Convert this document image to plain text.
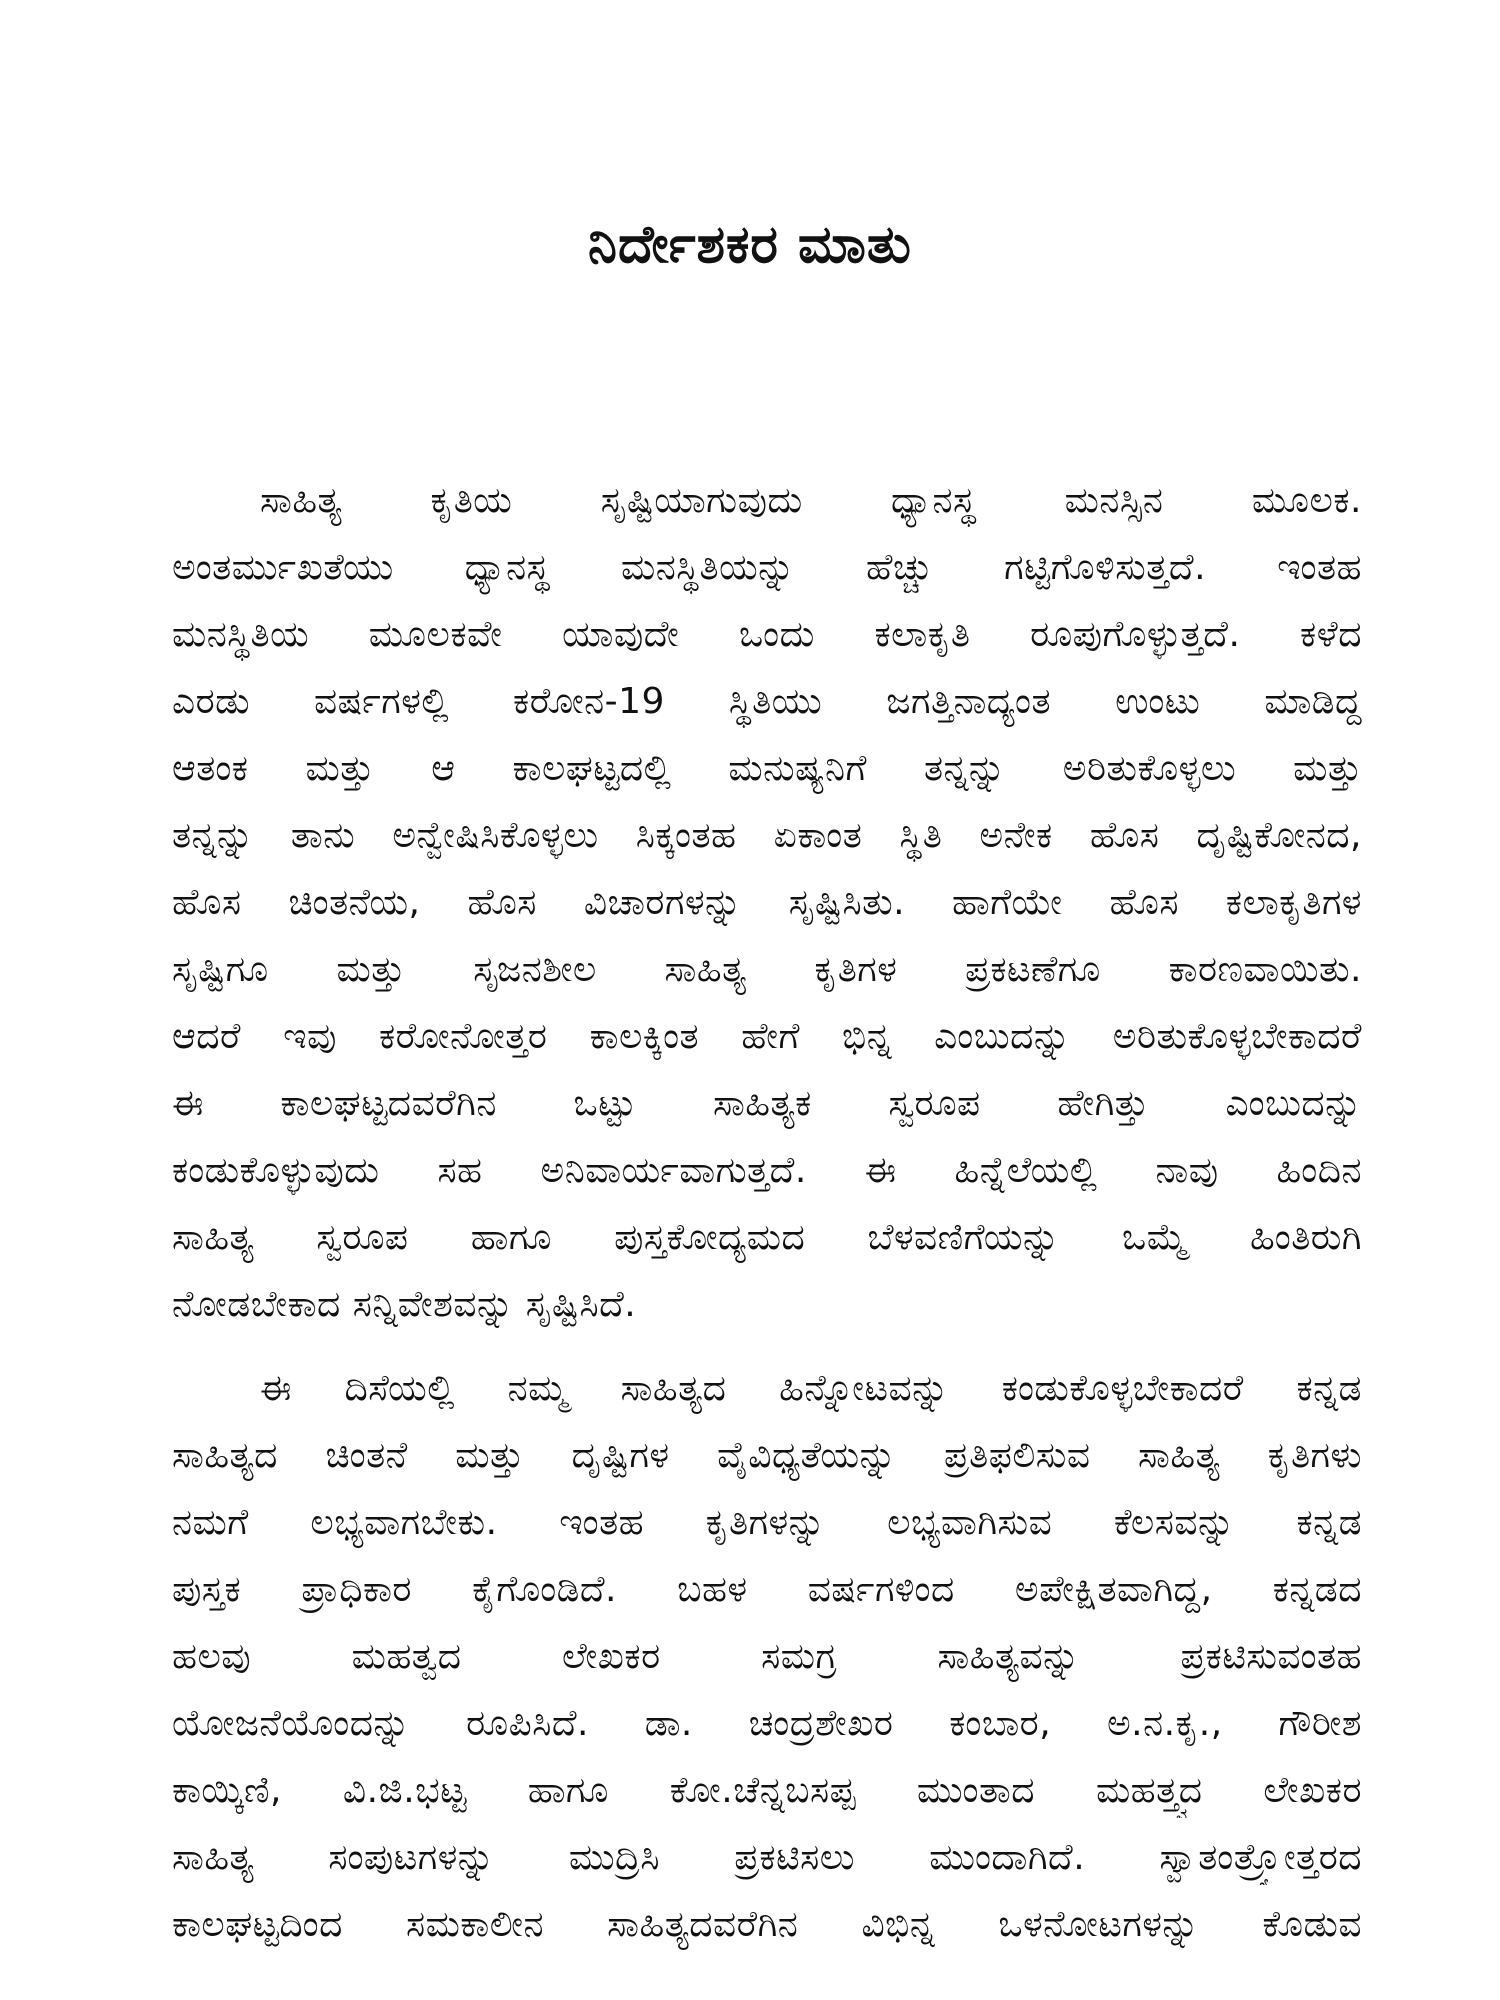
ನಿರ್ದೇಶಕರ ಮಾತು
ಸಾಹಿತ್ಯ ಕೃತಿಯ ಸೃಷ್ಟಿಯಾಗುವುದು ಧ್ಯಾನಸ್ಥ ಮನಸ್ಸಿನ ಮೂಲಕ.
ಅಂತರ್ಮುಖತೆಯು ಧ್ಯಾನಸ್ಥ ಮನಸ್ಥಿತಿಯನ್ನು ಹೆಚ್ಚು ಗಟ್ಟಿಗೊಳಿಸುತ್ತದೆ. ಇಂತಹ
ಮನಸ್ಥಿತಿಯ ಮೂಲಕವೇ ಯಾವುದೇ ಒಂದು ಕಲಾಕೃತಿ ರೂಪುಗೊಳ್ಳುತ್ತದೆ. ಕಳೆದ
ಎರಡು ವರ್ಷಗಳಲ್ಲಿ ಕರೋನ-19 ಸ್ಥಿತಿಯು ಜಗತ್ತಿನಾದ್ಯಂತ ಉಂಟು ಮಾಡಿದ್ದ
ಆತಂಕ ಮತ್ತು ಆ ಕಾಲಘಟ್ಟದಲ್ಲಿ ಮನುಷ್ಯನಿಗೆ ತನ್ನನ್ನು ಅರಿತುಕೊಳ್ಳಲು ಮತ್ತು
ತನ್ನನ್ನು ತಾನು ಅನ್ವೇಷಿಸಿಕೊಳ್ಳಲು ಸಿಕ್ಕಂತಹ ಏಕಾಂತ ಸ್ಥಿತಿ ಅನೇಕ ಹೊಸ ದೃಷ್ಟಿಕೋನದ,
ಹೊಸ ಚಿಂತನೆಯ, ಹೊಸ ವಿಚಾರಗಳನ್ನು ಸೃಷ್ಟಿಸಿತು. ಹಾಗೆಯೇ ಹೊಸ ಕಲಾಕೃತಿಗಳ
ಸೃಷ್ಟಿಗೂ ಮತ್ತು ಸೃಜನಶೀಲ ಸಾಹಿತ್ಯ ಕೃತಿಗಳ ಪ್ರಕಟಣೆಗೂ ಕಾರಣವಾಯಿತು.
ಆದರೆ ಇವು ಕರೋನೋತ್ತರ ಕಾಲಕ್ಕಿಂತ ಹೇಗೆ ಭಿನ್ನ ಎಂಬುದನ್ನು ಅರಿತುಕೊಳ್ಳಬೇಕಾದರೆ
ಈ ಕಾಲಘಟ್ಟದವರೆಗಿನ ಒಟ್ಟು ಸಾಹಿತ್ಯಕ ಸ್ವರೂಪ ಹೇಗಿತ್ತು ಎಂಬುದನ್ನು
ಕಂಡುಕೊಳ್ಳುವುದು ಸಹ ಅನಿವಾರ್ಯವಾಗುತ್ತದೆ. ಈ ಹಿನ್ನೆಲೆಯಲ್ಲಿ ನಾವು ಹಿಂದಿನ
ಸಾಹಿತ್ಯ ಸ್ವರೂಪ ಹಾಗೂ ಪುಸ್ತಕೋದ್ಯಮದ ಬೆಳವಣಿಗೆಯನ್ನು ಒಮ್ಮೆ ಹಿಂತಿರುಗಿ
ನೋಡಬೇಕಾದ ಸನ್ನಿವೇಶವನ್ನು ಸೃಷ್ಟಿಸಿದೆ.
ಈ ದಿಸೆಯಲ್ಲಿ ನಮ್ಮ ಸಾಹಿತ್ಯದ ಹಿನ್ನೋಟವನ್ನು ಕಂಡುಕೊಳ್ಳಬೇಕಾದರೆ ಕನ್ನಡ
ಸಾಹಿತ್ಯದ ಚಿಂತನೆ ಮತ್ತು ದೃಷ್ಟಿಗಳ ವೈವಿಧ್ಯತೆಯನ್ನು ಪ್ರತಿಫಲಿಸುವ ಸಾಹಿತ್ಯ ಕೃತಿಗಳು
ನಮಗೆ ಲಭ್ಯವಾಗಬೇಕು. ಇಂತಹ ಕೃತಿಗಳನ್ನು ಲಭ್ಯವಾಗಿಸುವ ಕೆಲಸವನ್ನು ಕನ್ನಡ
ಪುಸ್ತಕ ಪ್ರಾಧಿಕಾರ ಕೈಗೊಂಡಿದೆ. ಬಹಳ ವರ್ಷಗಳಿಂದ ಅಪೇಕ್ಷಿತವಾಗಿದ್ದ, ಕನ್ನಡದ
ಹಲವು ಮಹತ್ವದ ಲೇಖಕರ ಸಮಗ್ರ ಸಾಹಿತ್ಯವನ್ನು ಪ್ರಕಟಿಸುವಂತಹ
ಯೋಜನೆಯೊಂದನ್ನು ರೂಪಿಸಿದೆ. ಡಾ. ಚಂದ್ರಶೇಖರ ಕಂಬಾರ, ಅ.ನ.ಕೃ., ಗೌರೀಶ
ಕಾಯ್ಕಿಣಿ, ವಿ.ಜಿ.ಭಟ್ಟ ಹಾಗೂ ಕೋ.ಚೆನ್ನಬಸಪ್ಪ ಮುಂತಾದ ಮಹತ್ತ್ವದ ಲೇಖಕರ
ಸಾಹಿತ್ಯ ಸಂಪುಟಗಳನ್ನು ಮುದ್ರಿಸಿ ಪ್ರಕಟಿಸಲು ಮುಂದಾಗಿದೆ. ಸ್ವಾತಂತ್ರ್ಯೋತ್ತರದ
ಕಾಲಘಟ್ಟದಿಂದ ಸಮಕಾಲೀನ ಸಾಹಿತ್ಯದವರೆಗಿನ ವಿಭಿನ್ನ ಒಳನೋಟಗಳನ್ನು ಕೊಡುವ
